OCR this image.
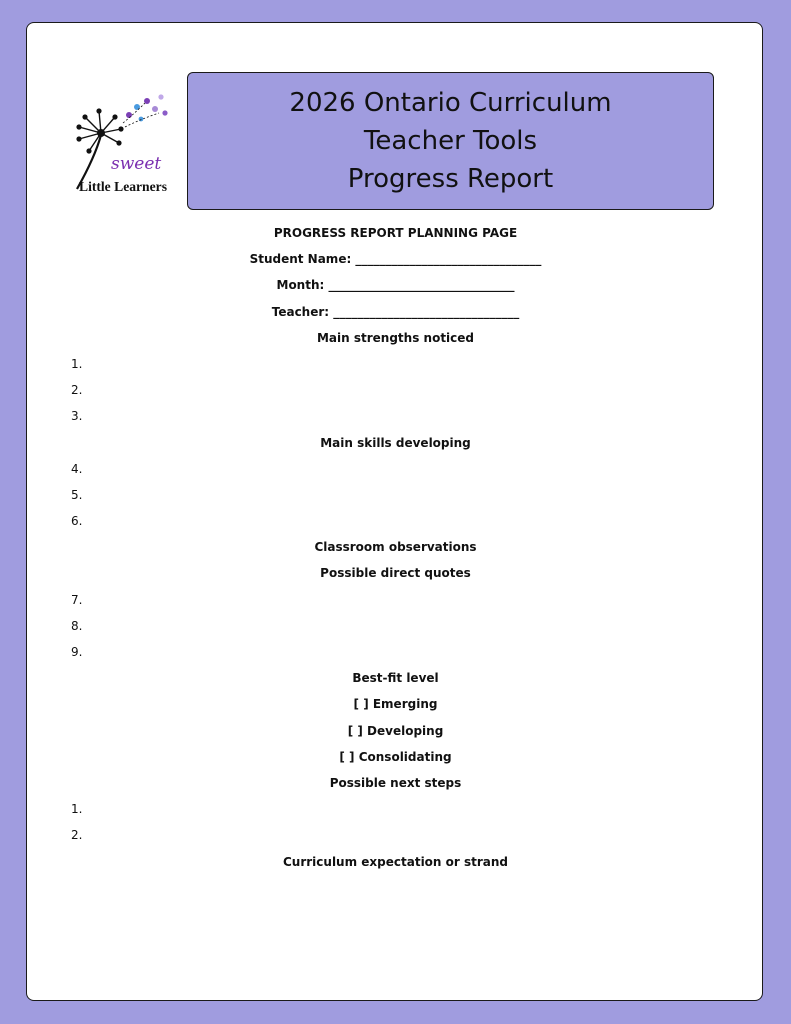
sweet
Little Learners
2026 Ontario Curriculum
Teacher Tools
Progress Report
PROGRESS REPORT PLANNING PAGE
Student Name: _______________________________
Month: _______________________________
Teacher: _______________________________
Main strengths noticed
1.
2.
3.
Main skills developing
4.
5.
6.
Classroom observations
Possible direct quotes
7.
8.
9.
Best-fit level
[ ] Emerging
[ ] Developing
[ ] Consolidating
Possible next steps
1.
2.
Curriculum expectation or strand
